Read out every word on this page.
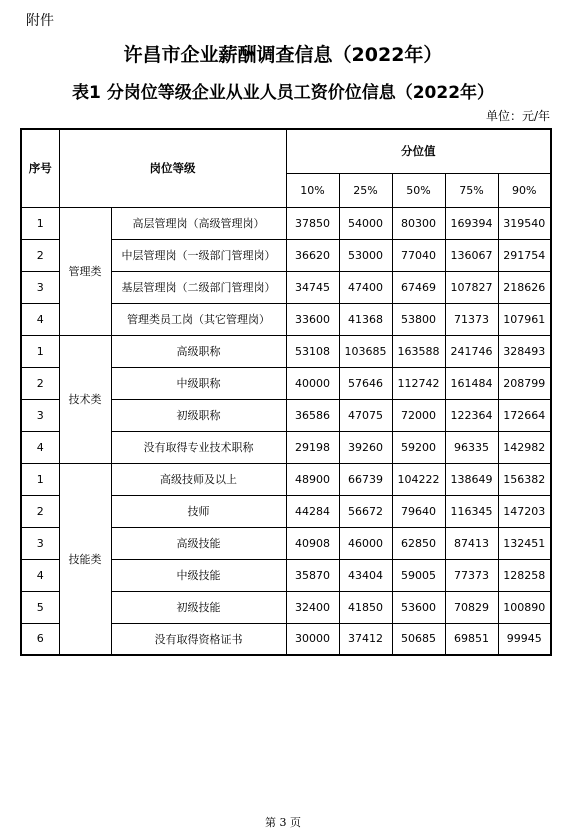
附件
许昌市企业薪酬调查信息（2022年）
表1 分岗位等级企业从业人员工资价位信息（2022年）
单位：元/年
序号	岗位等级		分位值				
			10%	25%	50%	75%	90%
1	管理类	高层管理岗（高级管理岗）	37850	54000	80300	169394	319540
2		中层管理岗（一级部门管理岗）	36620	53000	77040	136067	291754
3		基层管理岗（二级部门管理岗）	34745	47400	67469	107827	218626
4		管理类员工岗（其它管理岗）	33600	41368	53800	71373	107961
1	技术类	高级职称	53108	103685	163588	241746	328493
2		中级职称	40000	57646	112742	161484	208799
3		初级职称	36586	47075	72000	122364	172664
4		没有取得专业技术职称	29198	39260	59200	96335	142982
1	技能类	高级技师及以上	48900	66739	104222	138649	156382
2		技师	44284	56672	79640	116345	147203
3		高级技能	40908	46000	62850	87413	132451
4		中级技能	35870	43404	59005	77373	128258
5		初级技能	32400	41850	53600	70829	100890
6		没有取得资格证书	30000	37412	50685	69851	99945
第 3 页
